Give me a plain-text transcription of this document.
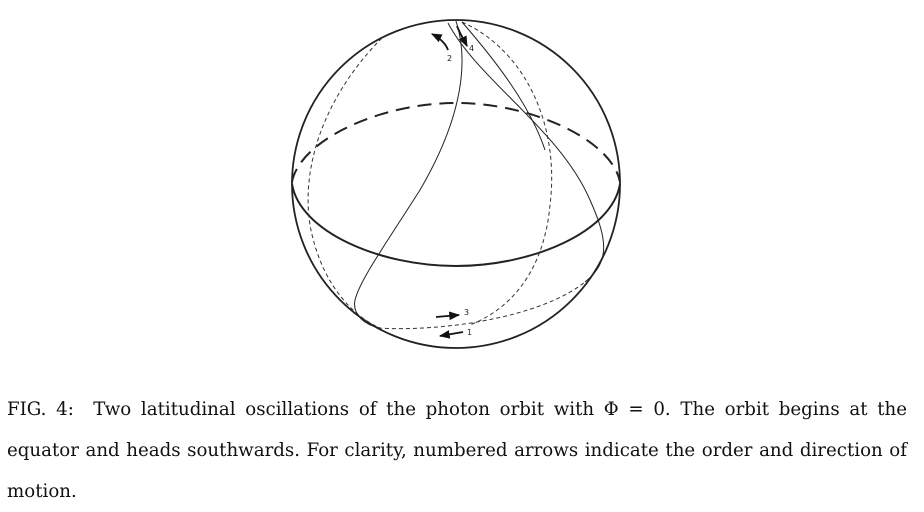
1
2
3
4
FIG. 4: Two latitudinal oscillations of the photon orbit with Φ = 0. The orbit begins at the equator and heads southwards. For clarity, numbered arrows indicate the order and direction of motion.
